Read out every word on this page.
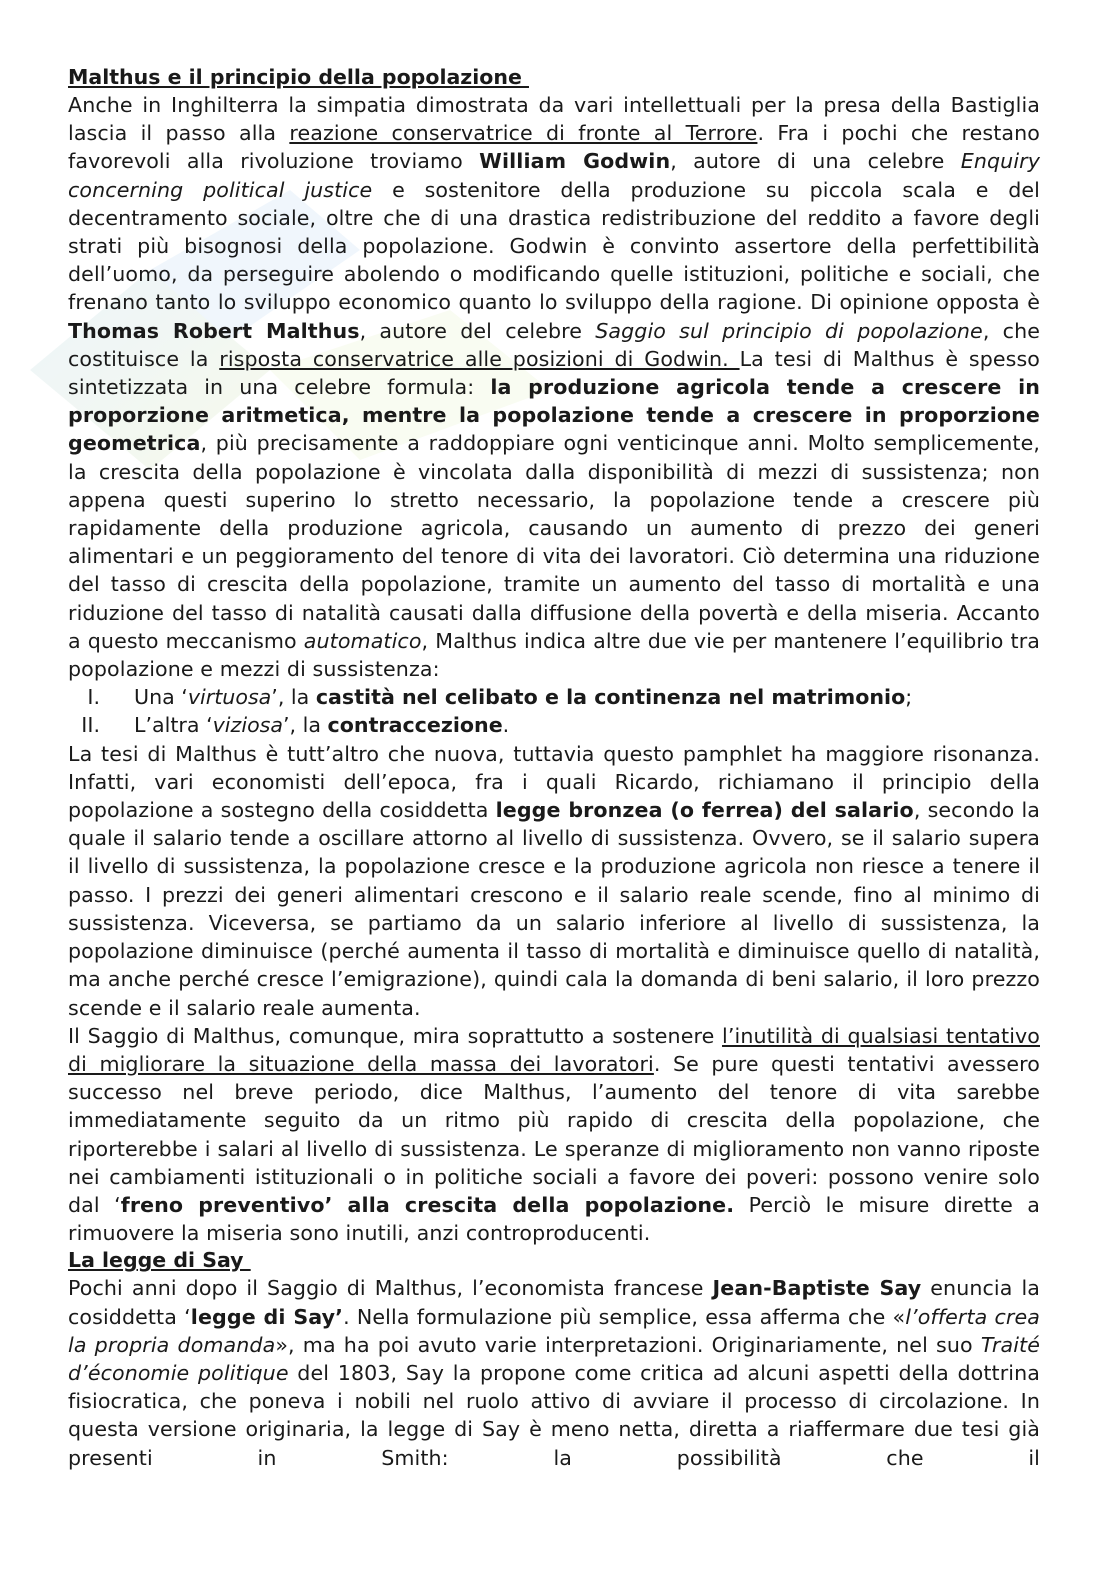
Malthus e il principio della popolazione

Anche in Inghilterra la simpatia dimostrata da vari intellettuali per la presa della Bastiglia lascia il passo alla reazione conservatrice di fronte al Terrore. Fra i pochi che restano favorevoli alla rivoluzione troviamo William Godwin, autore di una celebre Enquiry concerning political justice e sostenitore della produzione su piccola scala e del decentramento sociale, oltre che di una drastica redistribuzione del reddito a favore degli strati più bisognosi della popolazione. Godwin è convinto assertore della perfettibilità dell’uomo, da perseguire abolendo o modificando quelle istituzioni, politiche e sociali, che frenano tanto lo sviluppo economico quanto lo sviluppo della ragione. Di opinione opposta è Thomas Robert Malthus, autore del celebre Saggio sul principio di popolazione, che costituisce la risposta conservatrice alle posizioni di Godwin. La tesi di Malthus è spesso sintetizzata in una celebre formula: la produzione agricola tende a crescere in proporzione aritmetica, mentre la popolazione tende a crescere in proporzione geometrica, più precisamente a raddoppiare ogni venticinque anni. Molto semplicemente, la crescita della popolazione è vincolata dalla disponibilità di mezzi di sussistenza; non appena questi superino lo stretto necessario, la popolazione tende a crescere più rapidamente della produzione agricola, causando un aumento di prezzo dei generi alimentari e un peggioramento del tenore di vita dei lavoratori. Ciò determina una riduzione del tasso di crescita della popolazione, tramite un aumento del tasso di mortalità e una riduzione del tasso di natalità causati dalla diffusione della povertà e della miseria. Accanto a questo meccanismo automatico, Malthus indica altre due vie per mantenere l’equilibrio tra popolazione e mezzi di sussistenza:

I. Una ‘virtuosa’, la castità nel celibato e la continenza nel matrimonio;
II. L’altra ‘viziosa’, la contraccezione.

La tesi di Malthus è tutt’altro che nuova, tuttavia questo pamphlet ha maggiore risonanza. Infatti, vari economisti dell’epoca, fra i quali Ricardo, richiamano il principio della popolazione a sostegno della cosiddetta legge bronzea (o ferrea) del salario, secondo la quale il salario tende a oscillare attorno al livello di sussistenza. Ovvero, se il salario supera il livello di sussistenza, la popolazione cresce e la produzione agricola non riesce a tenere il passo. I prezzi dei generi alimentari crescono e il salario reale scende, fino al minimo di sussistenza. Viceversa, se partiamo da un salario inferiore al livello di sussistenza, la popolazione diminuisce (perché aumenta il tasso di mortalità e diminuisce quello di natalità, ma anche perché cresce l’emigrazione), quindi cala la domanda di beni salario, il loro prezzo scende e il salario reale aumenta.

Il Saggio di Malthus, comunque, mira soprattutto a sostenere l’inutilità di qualsiasi tentativo di migliorare la situazione della massa dei lavoratori. Se pure questi tentativi avessero successo nel breve periodo, dice Malthus, l’aumento del tenore di vita sarebbe immediatamente seguito da un ritmo più rapido di crescita della popolazione, che riporterebbe i salari al livello di sussistenza. Le speranze di miglioramento non vanno riposte nei cambiamenti istituzionali o in politiche sociali a favore dei poveri: possono venire solo dal ‘freno preventivo’ alla crescita della popolazione. Perciò le misure dirette a rimuovere la miseria sono inutili, anzi controproducenti.

La legge di Say

Pochi anni dopo il Saggio di Malthus, l’economista francese Jean-Baptiste Say enuncia la cosiddetta ‘legge di Say’. Nella formulazione più semplice, essa afferma che «l’offerta crea la propria domanda», ma ha poi avuto varie interpretazioni. Originariamente, nel suo Traité d’économie politique del 1803, Say la propone come critica ad alcuni aspetti della dottrina fisiocratica, che poneva i nobili nel ruolo attivo di avviare il processo di circolazione. In questa versione originaria, la legge di Say è meno netta, diretta a riaffermare due tesi già presenti in Smith: la possibilità che il
